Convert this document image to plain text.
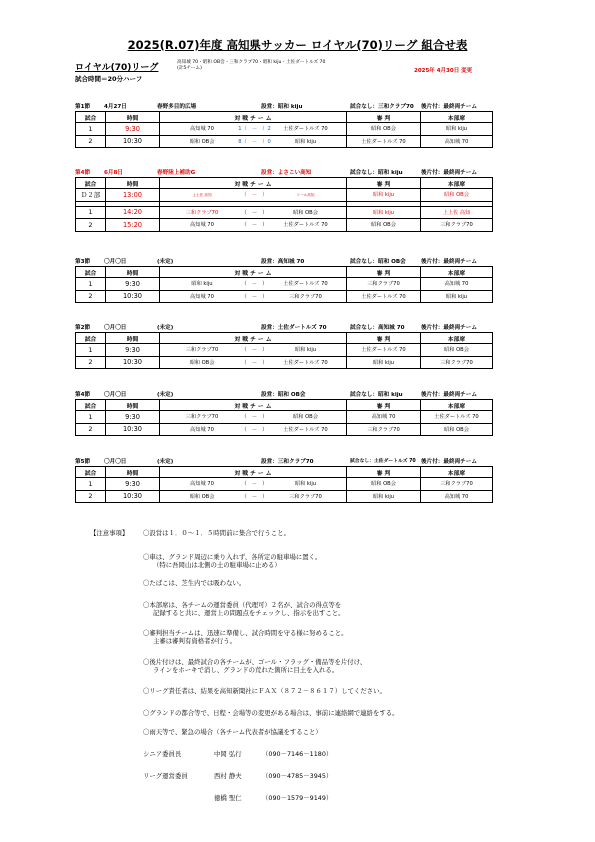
2025(R.07)年度 高知県サッカー ロイヤル(70)リーグ 組合せ表
ロイヤル(70)リーグ
高知城 70・昭和 OB会・三和クラブ70・昭和 kiju・土佐ダートルズ 70
(計5チーム)	2025年 4月30日 変更
試合時間＝20分ハーフ
第1節 4月27日	春野多目的広場	設営：昭和 kiju	試合なし：三和クラブ70 後片付：最終両チーム
試合	時間	対 戦 チ ー ム	審 判	本部席
1	9:30	高知城 70 1（　－　）2 土佐ダートルズ 70	昭和 OB会	昭和 kiju
2	10:30	昭和 OB会 8（　－　）0 昭和 kiju	土佐ダートルズ 70	高知城 70
第4節 6月8日	春野陸上補助G	設営：よさこい高知	試合なし：昭和 kiju	後片付：最終両チーム
試合	時間	対 戦 チ ー ム	審 判	本部席
Ｄ２部	13:00	上土佐 高知 （　－　） リール高知	昭和 kiju	昭和 OB会

1	14:20	三和クラブ70 （　－　） 昭和 OB会	昭和 kiju	上土佐 高知
2	15:20	高知城 70 （　－　） 土佐ダートルズ 70	昭和 OB会	三和クラブ70
第3節 〇月〇日	(未定)	設営：高知城 70	試合なし：昭和 OB会	後片付：最終両チーム
試合	時間	対 戦 チ ー ム	審 判	本部席
1	9:30	昭和 kiju （　－　） 土佐ダートルズ 70	三和クラブ70	高知城 70
2	10:30	高知城 70 （　－　） 三和クラブ70	土佐ダートルズ 70	昭和 kiju
第2節 〇月〇日	(未定)	設営：土佐ダートルズ 70	試合なし：高知城 70	後片付：最終両チーム
試合	時間	対 戦 チ ー ム	審 判	本部席
1	9:30	三和クラブ70 （　－　） 昭和 kiju	土佐ダートルズ 70	昭和 OB会
2	10:30	昭和 OB会 （　－　） 土佐ダートルズ 70	昭和 kiju	三和クラブ70
第4節 〇月〇日	(未定)	設営：昭和 OB会	試合なし：昭和 kiju	後片付：最終両チーム
試合	時間	対 戦 チ ー ム	審 判	本部席
1	9:30	三和クラブ70 （　－　） 昭和 OB会	高知城 70	土佐ダートルズ 70
2	10:30	高知城 70 （　－　） 土佐ダートルズ 70	三和クラブ70	昭和 OB会
第5節 〇月〇日	(未定)	設営：三和クラブ70	試合なし：土佐ダートルズ 70 後片付：最終両チーム
試合	時間	対 戦 チ ー ム	審 判	本部席
1	9:30	高知城 70 （　－　） 昭和 kiju	昭和 OB会	三和クラブ70
2	10:30	昭和 OB会 （　－　） 三和クラブ70	昭和 kiju	高知城 70
【注意事項】 〇設営は１．０～１．５時間前に集合で行うこと。
〇車は、グランド周辺に乗り入れず、各所定の駐車場に置く。
（特に吾岡山は北側の土の駐車場に止める）
〇たばこは、芝生内では吸わない。
〇本部席は、各チームの運営委員（代理可）２名が、試合の得点等を
記録すると共に、運営上の問題点をチェックし、指示を出すこと。
〇審判担当チームは、迅速に準備し、試合時間を守る様に努めること。
主審は審判有資格者が行う。
〇後片付けは、最終試合の各チームが、ゴール・フラッグ・備品等を片付け、
ラインをホーキで消し、グランドの荒れた箇所に目土を入れる。
〇リーグ責任者は、結果を高知新聞社にＦＡＸ（８７２－８６１７）してください。
〇グランドの都合等で、日程・会場等の変更がある場合は、事前に連絡網で連絡をする。
〇雨天等で、緊急の場合（各チーム代表者が協議をすること）
シニア委員長	中岡 弘行	（090－7146－1180）
リーグ運営委員	西村 静夫	（090－4785－3945）
徳橋 聖仁	（090－1579－9149）
